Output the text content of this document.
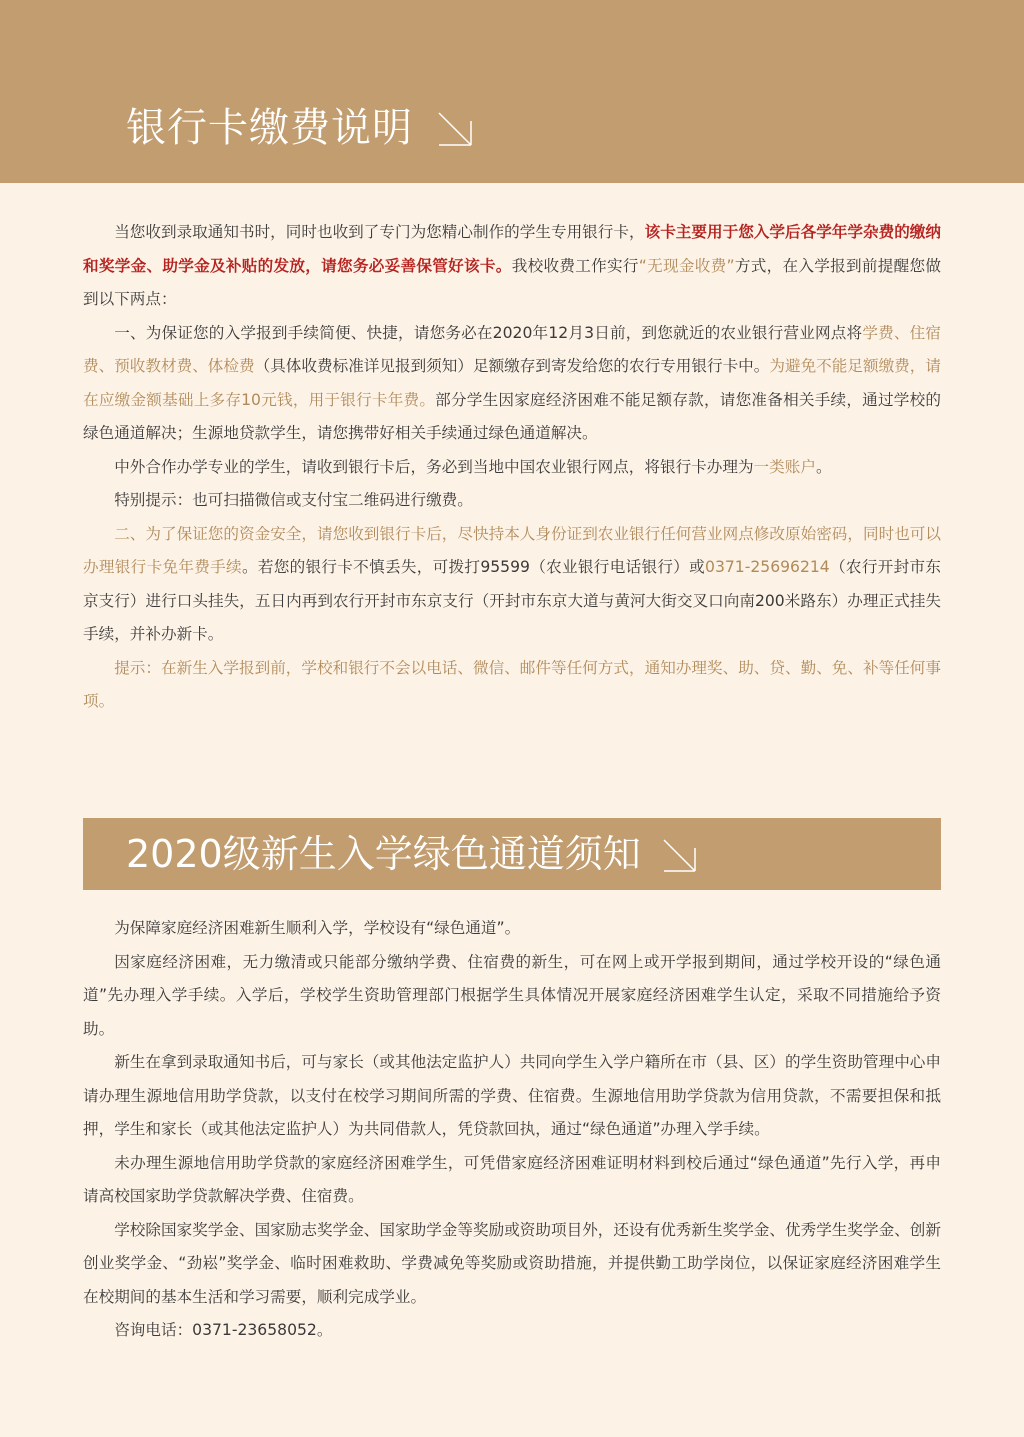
银行卡缴费说明

当您收到录取通知书时，同时也收到了专门为您精心制作的学生专用银行卡，该卡主要用于您入学后各学年学杂费的缴纳和奖学金、助学金及补贴的发放，请您务必妥善保管好该卡。我校收费工作实行“无现金收费”方式，在入学报到前提醒您做到以下两点：

一、为保证您的入学报到手续简便、快捷，请您务必在2020年12月3日前，到您就近的农业银行营业网点将学费、住宿费、预收教材费、体检费（具体收费标准详见报到须知）足额缴存到寄发给您的农行专用银行卡中。为避免不能足额缴费，请在应缴金额基础上多存10元钱，用于银行卡年费。部分学生因家庭经济困难不能足额存款，请您准备相关手续，通过学校的绿色通道解决；生源地贷款学生，请您携带好相关手续通过绿色通道解决。

中外合作办学专业的学生，请收到银行卡后，务必到当地中国农业银行网点，将银行卡办理为一类账户。

特别提示：也可扫描微信或支付宝二维码进行缴费。

二、为了保证您的资金安全，请您收到银行卡后，尽快持本人身份证到农业银行任何营业网点修改原始密码，同时也可以办理银行卡免年费手续。若您的银行卡不慎丢失，可拨打95599（农业银行电话银行）或0371-25696214（农行开封市东京支行）进行口头挂失，五日内再到农行开封市东京支行（开封市东京大道与黄河大街交叉口向南200米路东）办理正式挂失手续，并补办新卡。

提示：在新生入学报到前，学校和银行不会以电话、微信、邮件等任何方式，通知办理奖、助、贷、勤、免、补等任何事项。

2020级新生入学绿色通道须知

为保障家庭经济困难新生顺利入学，学校设有“绿色通道”。

因家庭经济困难，无力缴清或只能部分缴纳学费、住宿费的新生，可在网上或开学报到期间，通过学校开设的“绿色通道”先办理入学手续。入学后，学校学生资助管理部门根据学生具体情况开展家庭经济困难学生认定，采取不同措施给予资助。

新生在拿到录取通知书后，可与家长（或其他法定监护人）共同向学生入学户籍所在市（县、区）的学生资助管理中心申请办理生源地信用助学贷款，以支付在校学习期间所需的学费、住宿费。生源地信用助学贷款为信用贷款，不需要担保和抵押，学生和家长（或其他法定监护人）为共同借款人，凭贷款回执，通过“绿色通道”办理入学手续。

未办理生源地信用助学贷款的家庭经济困难学生，可凭借家庭经济困难证明材料到校后通过“绿色通道”先行入学，再申请高校国家助学贷款解决学费、住宿费。

学校除国家奖学金、国家励志奖学金、国家助学金等奖励或资助项目外，还设有优秀新生奖学金、优秀学生奖学金、创新创业奖学金、“劲崧”奖学金、临时困难救助、学费减免等奖励或资助措施，并提供勤工助学岗位，以保证家庭经济困难学生在校期间的基本生活和学习需要，顺利完成学业。

咨询电话：0371-23658052。
